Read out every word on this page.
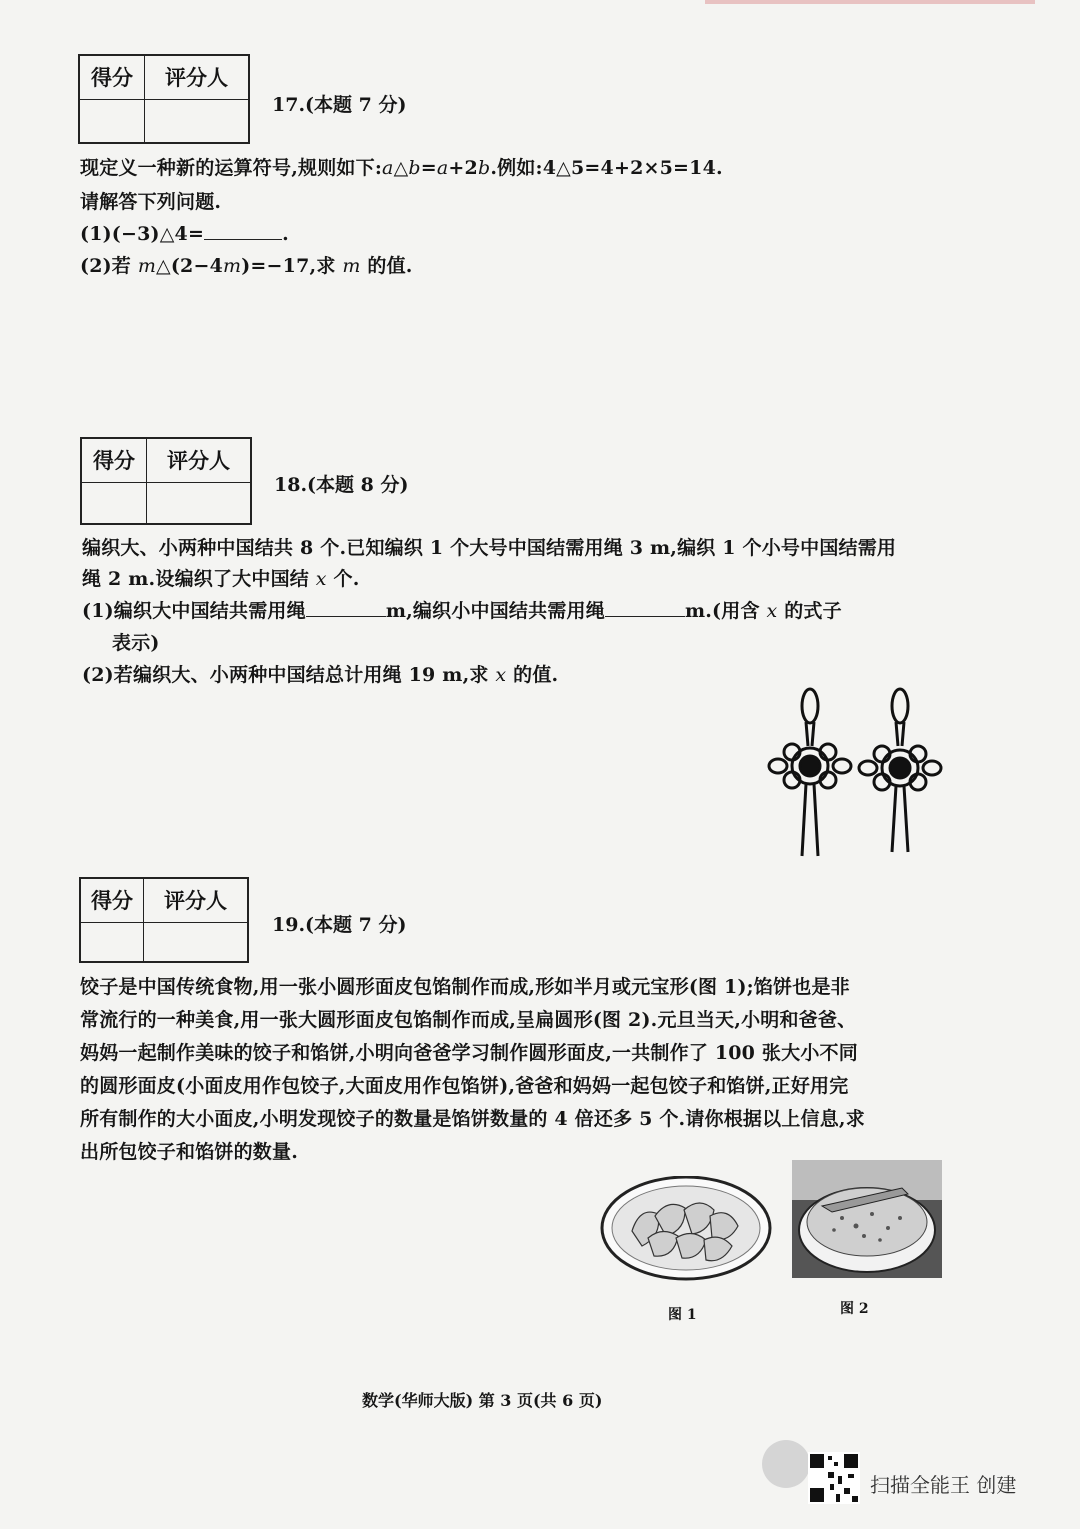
得分	评分人

17.(本题 7 分)
现定义一种新的运算符号,规则如下:a△b=a+2b.例如:4△5=4+2×5=14.
请解答下列问题.
(1)(−3)△4=	.
(2)若 m△(2−4m)=−17,求 m 的值.
得分	评分人

18.(本题 8 分)
编织大、小两种中国结共 8 个.已知编织 1 个大号中国结需用绳 3 m,编织 1 个小号中国结需用
绳 2 m.设编织了大中国结 x 个.
(1)编织大中国结共需用绳	m,编织小中国结共需用绳	m.(用含 x 的式子
表示)
(2)若编织大、小两种中国结总计用绳 19 m,求 x 的值.
得分	评分人

19.(本题 7 分)
饺子是中国传统食物,用一张小圆形面皮包馅制作而成,形如半月或元宝形(图 1);馅饼也是非
常流行的一种美食,用一张大圆形面皮包馅制作而成,呈扁圆形(图 2).元旦当天,小明和爸爸、
妈妈一起制作美味的饺子和馅饼,小明向爸爸学习制作圆形面皮,一共制作了 100 张大小不同
的圆形面皮(小面皮用作包饺子,大面皮用作包馅饼),爸爸和妈妈一起包饺子和馅饼,正好用完
所有制作的大小面皮,小明发现饺子的数量是馅饼数量的 4 倍还多 5 个.请你根据以上信息,求
出所包饺子和馅饼的数量.
图 1	图 2
数学(华师大版) 第 3 页(共 6 页)
扫描全能王 创建
